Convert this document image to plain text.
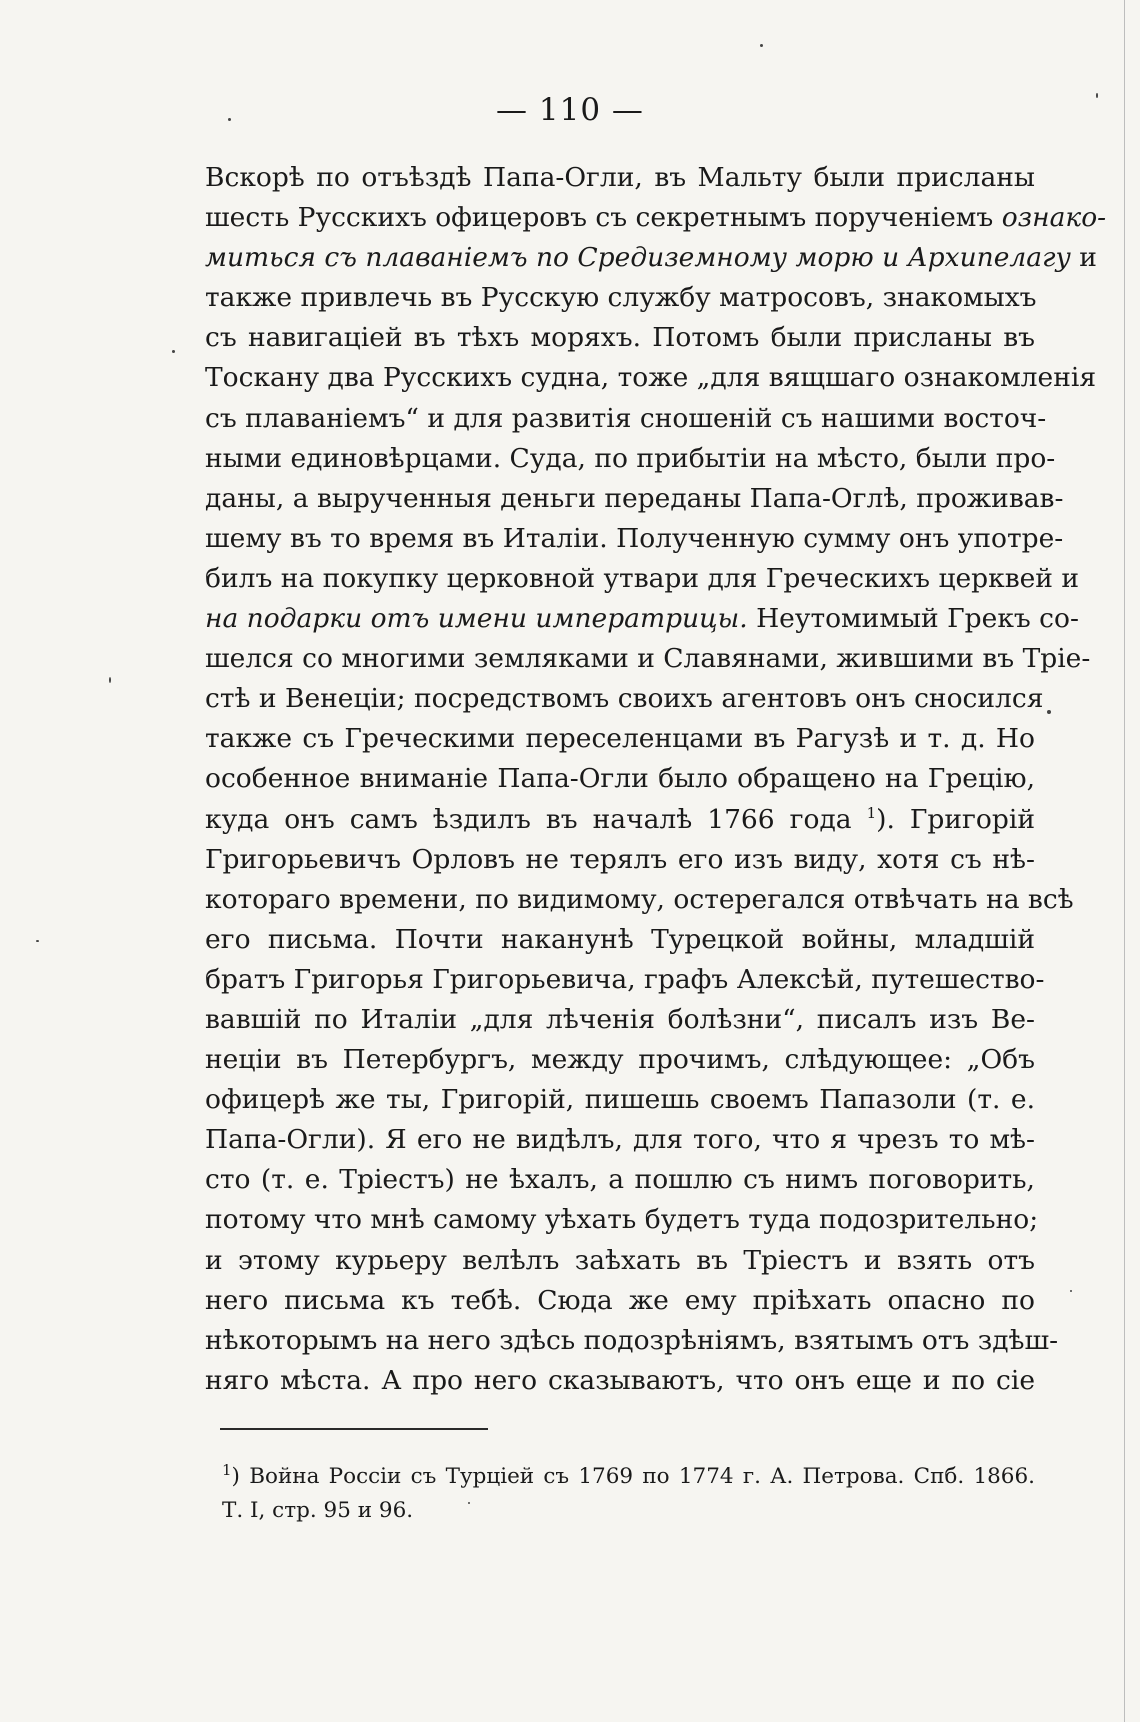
— 110 —
Вскорѣ по отъѣздѣ Папа-Огли, въ Мальту были присланы
шесть Русскихъ офицеровъ съ секретнымъ порученіемъ ознако-
миться съ плаваніемъ по Средиземному морю и Архипелагу и
также привлечь въ Русскую службу матросовъ, знакомыхъ
съ навигаціей въ тѣхъ моряхъ. Потомъ были присланы въ
Тоскану два Русскихъ судна, тоже „для вящшаго ознакомленія
съ плаваніемъ“ и для развитія сношеній съ нашими восточ-
ными единовѣрцами. Суда, по прибытіи на мѣсто, были про-
даны, а вырученныя деньги переданы Папа-Оглѣ, проживав-
шему въ то время въ Италіи. Полученную сумму онъ употре-
билъ на покупку церковной утвари для Греческихъ церквей и
на подарки отъ имени императрицы. Неутомимый Грекъ со-
шелся со многими земляками и Славянами, жившими въ Тріе-
стѣ и Венеціи; посредствомъ своихъ агентовъ онъ сносился
также съ Греческими переселенцами въ Рагузѣ и т. д. Но
особенное вниманіе Папа-Огли было обращено на Грецію,
куда онъ самъ ѣздилъ въ началѣ 1766 года $^1$). Григорій
Григорьевичъ Орловъ не терялъ его изъ виду, хотя съ нѣ-
котораго времени, по видимому, остерегался отвѣчать на всѣ
его письма. Почти наканунѣ Турецкой войны, младшій
братъ Григорья Григорьевича, графъ Алексѣй, путешество-
вавшій по Италіи „для лѣченія болѣзни“, писалъ изъ Ве-
неціи въ Петербургъ, между прочимъ, слѣдующее: „Объ
офицерѣ же ты, Григорій, пишешь своемъ Папазоли (т. е.
Папа-Огли). Я его не видѣлъ, для того, что я чрезъ то мѣ-
сто (т. е. Тріестъ) не ѣхалъ, а пошлю съ нимъ поговорить,
потому что мнѣ самому уѣхать будетъ туда подозрительно;
и этому курьеру велѣлъ заѣхать въ Тріестъ и взять отъ
него письма къ тебѣ. Сюда же ему пріѣхать опасно по
нѣкоторымъ на него здѣсь подозрѣніямъ, взятымъ отъ здѣш-
няго мѣста. А про него сказываютъ, что онъ еще и по сіе
$^1$) Война Россіи съ Турціей съ 1769 по 1774 г. А. Петрова. Спб. 1866.
Т. I, стр. 95 и 96.
